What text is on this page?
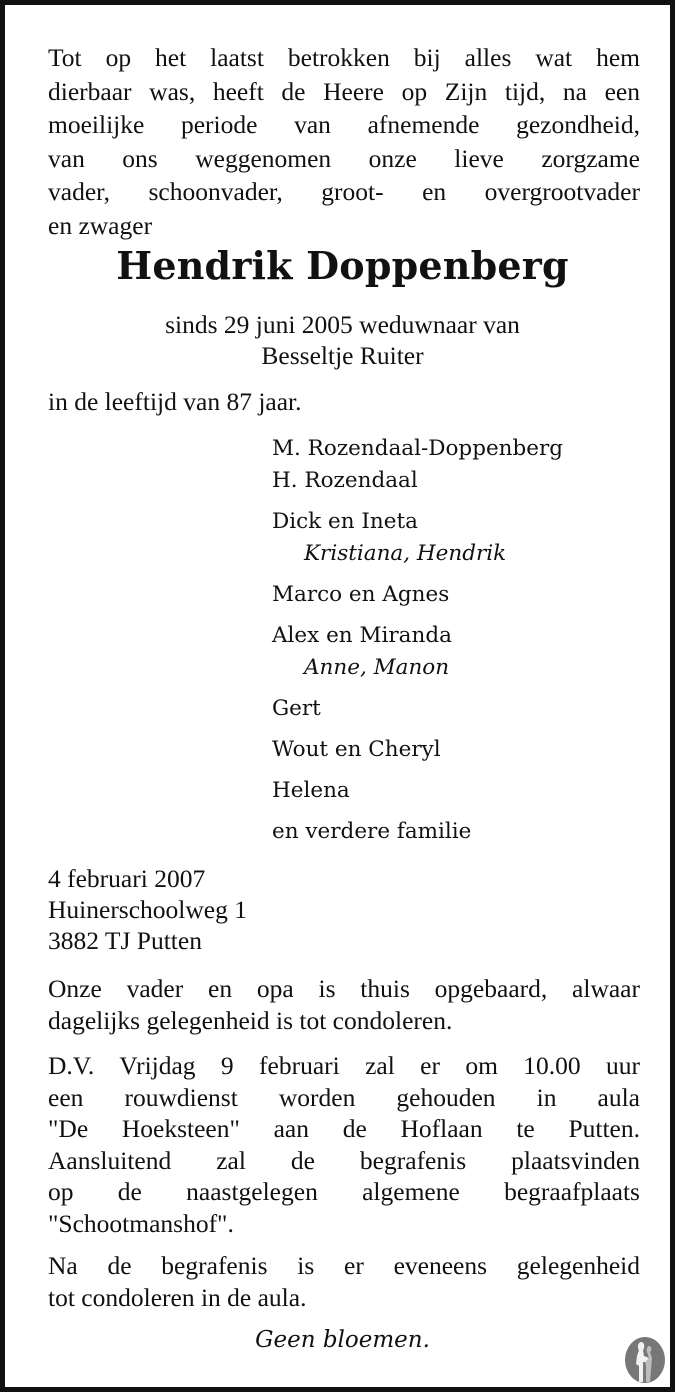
Tot op het laatst betrokken bij alles wat hem
dierbaar was, heeft de Heere op Zijn tijd, na een
moeilijke periode van afnemende gezondheid,
van ons weggenomen onze lieve zorgzame
vader, schoonvader, groot- en overgrootvader
en zwager
Hendrik Doppenberg
sinds 29 juni 2005 weduwnaar van
Besseltje Ruiter
in de leeftijd van 87 jaar.
M. Rozendaal-Doppenberg
H. Rozendaal
Dick en Ineta
Kristiana, Hendrik
Marco en Agnes
Alex en Miranda
Anne, Manon
Gert
Wout en Cheryl
Helena
en verdere familie
4 februari 2007
Huinerschoolweg 1
3882 TJ Putten
Onze vader en opa is thuis opgebaard, alwaar
dagelijks gelegenheid is tot condoleren.
D.V. Vrijdag 9 februari zal er om 10.00 uur
een rouwdienst worden gehouden in aula
"De Hoeksteen" aan de Hoflaan te Putten.
Aansluitend zal de begrafenis plaatsvinden
op de naastgelegen algemene begraafplaats
"Schootmanshof".
Na de begrafenis is er eveneens gelegenheid
tot condoleren in de aula.
Geen bloemen.
